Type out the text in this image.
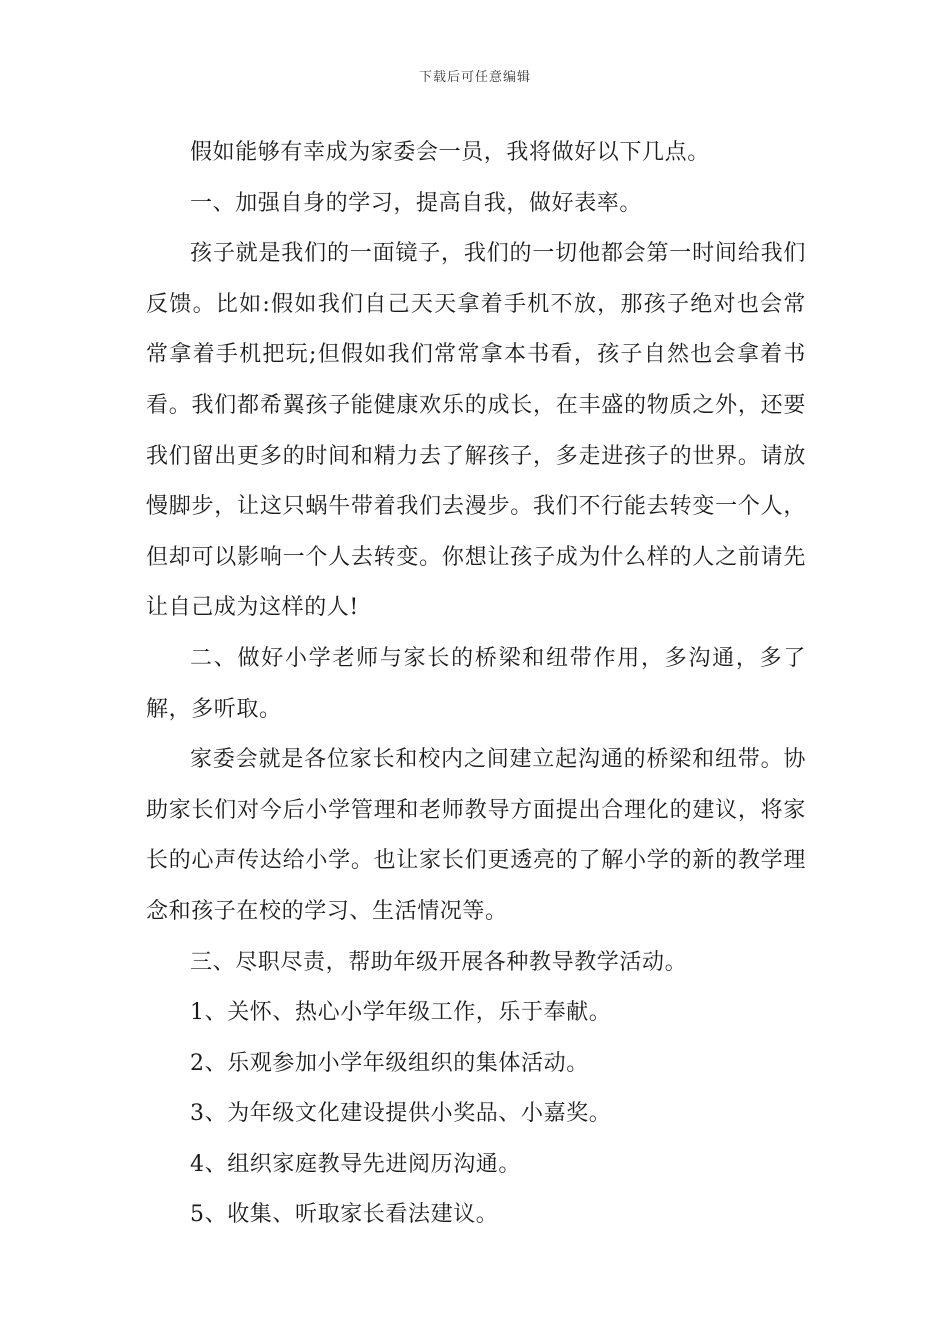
下载后可任意编辑

假如能够有幸成为家委会一员，我将做好以下几点。

一、加强自身的学习，提高自我，做好表率。

孩子就是我们的一面镜子，我们的一切他都会第一时间给我们反馈。比如:假如我们自己天天拿着手机不放，那孩子绝对也会常常拿着手机把玩;但假如我们常常拿本书看，孩子自然也会拿着书看。我们都希翼孩子能健康欢乐的成长，在丰盛的物质之外，还要我们留出更多的时间和精力去了解孩子，多走进孩子的世界。请放慢脚步，让这只蜗牛带着我们去漫步。我们不行能去转变一个人，但却可以影响一个人去转变。你想让孩子成为什么样的人之前请先让自己成为这样的人!

二、做好小学老师与家长的桥梁和纽带作用，多沟通，多了解，多听取。

家委会就是各位家长和校内之间建立起沟通的桥梁和纽带。协助家长们对今后小学管理和老师教导方面提出合理化的建议，将家长的心声传达给小学。也让家长们更透亮的了解小学的新的教学理念和孩子在校的学习、生活情况等。

三、尽职尽责，帮助年级开展各种教导教学活动。

1、关怀、热心小学年级工作，乐于奉献。

2、乐观参加小学年级组织的集体活动。

3、为年级文化建设提供小奖品、小嘉奖。

4、组织家庭教导先进阅历沟通。

5、收集、听取家长看法建议。
